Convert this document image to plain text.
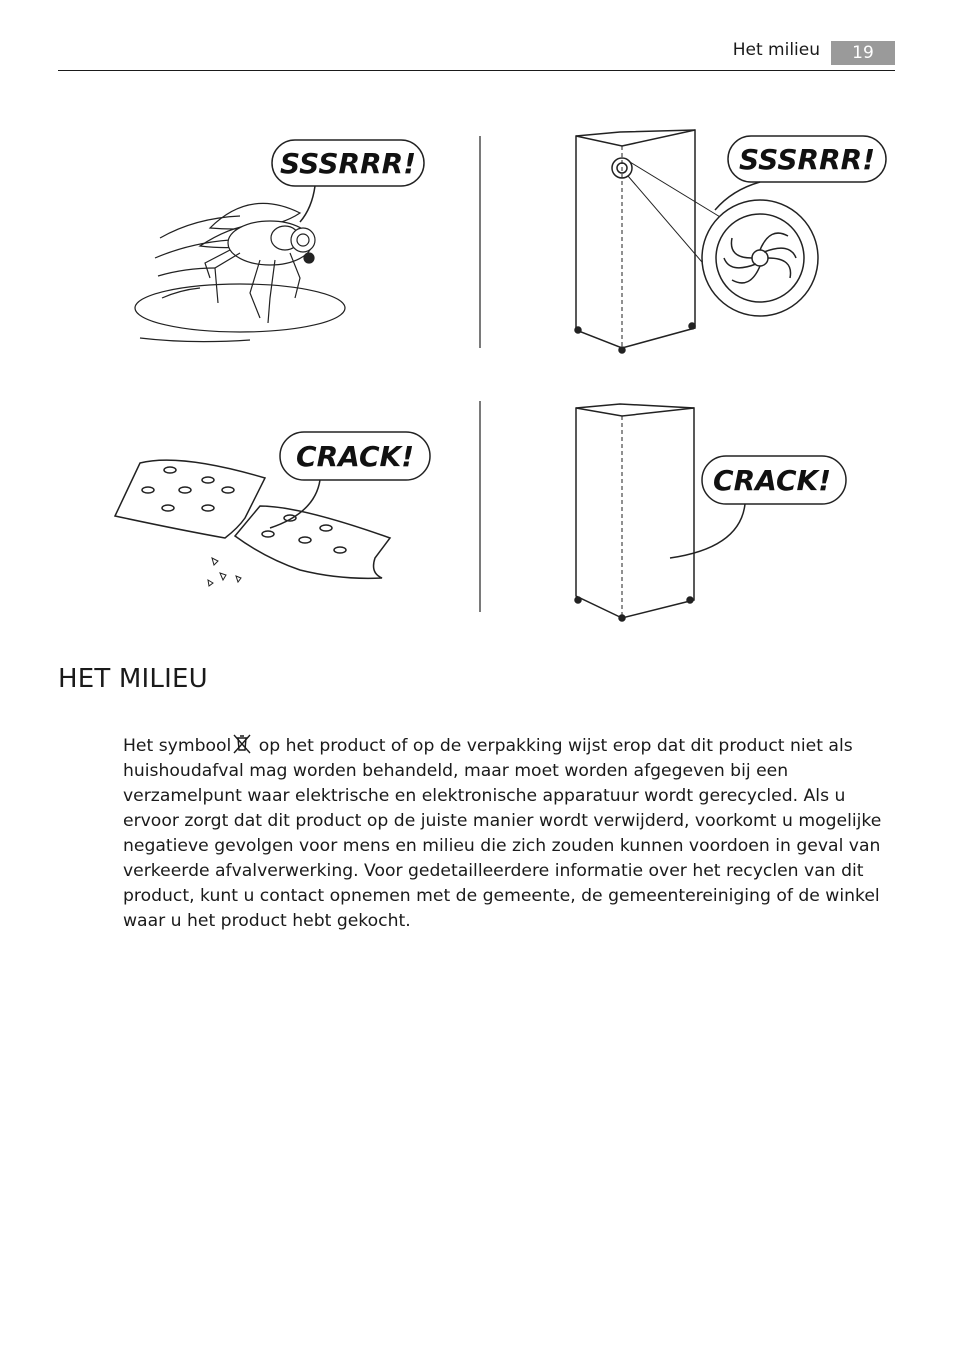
Het milieu	19
SSSRRR!	SSSRRR!
CRACK!
CRACK!
HET MILIEU

Het symbool op het product of op de verpakking wijst erop dat dit product niet als huishoudafval mag worden behandeld, maar moet worden afgegeven bij een verzamelpunt waar elektrische en elektronische apparatuur wordt gerecycled. Als u ervoor zorgt dat dit product op de juiste manier wordt verwijderd, voorkomt u mogelijke negatieve gevolgen voor mens en milieu die zich zouden kunnen voordoen in geval van verkeerde afvalverwerking. Voor gedetailleerdere informatie over het recyclen van dit product, kunt u contact opnemen met de gemeente, de gemeentereiniging of de winkel waar u het product hebt gekocht.
